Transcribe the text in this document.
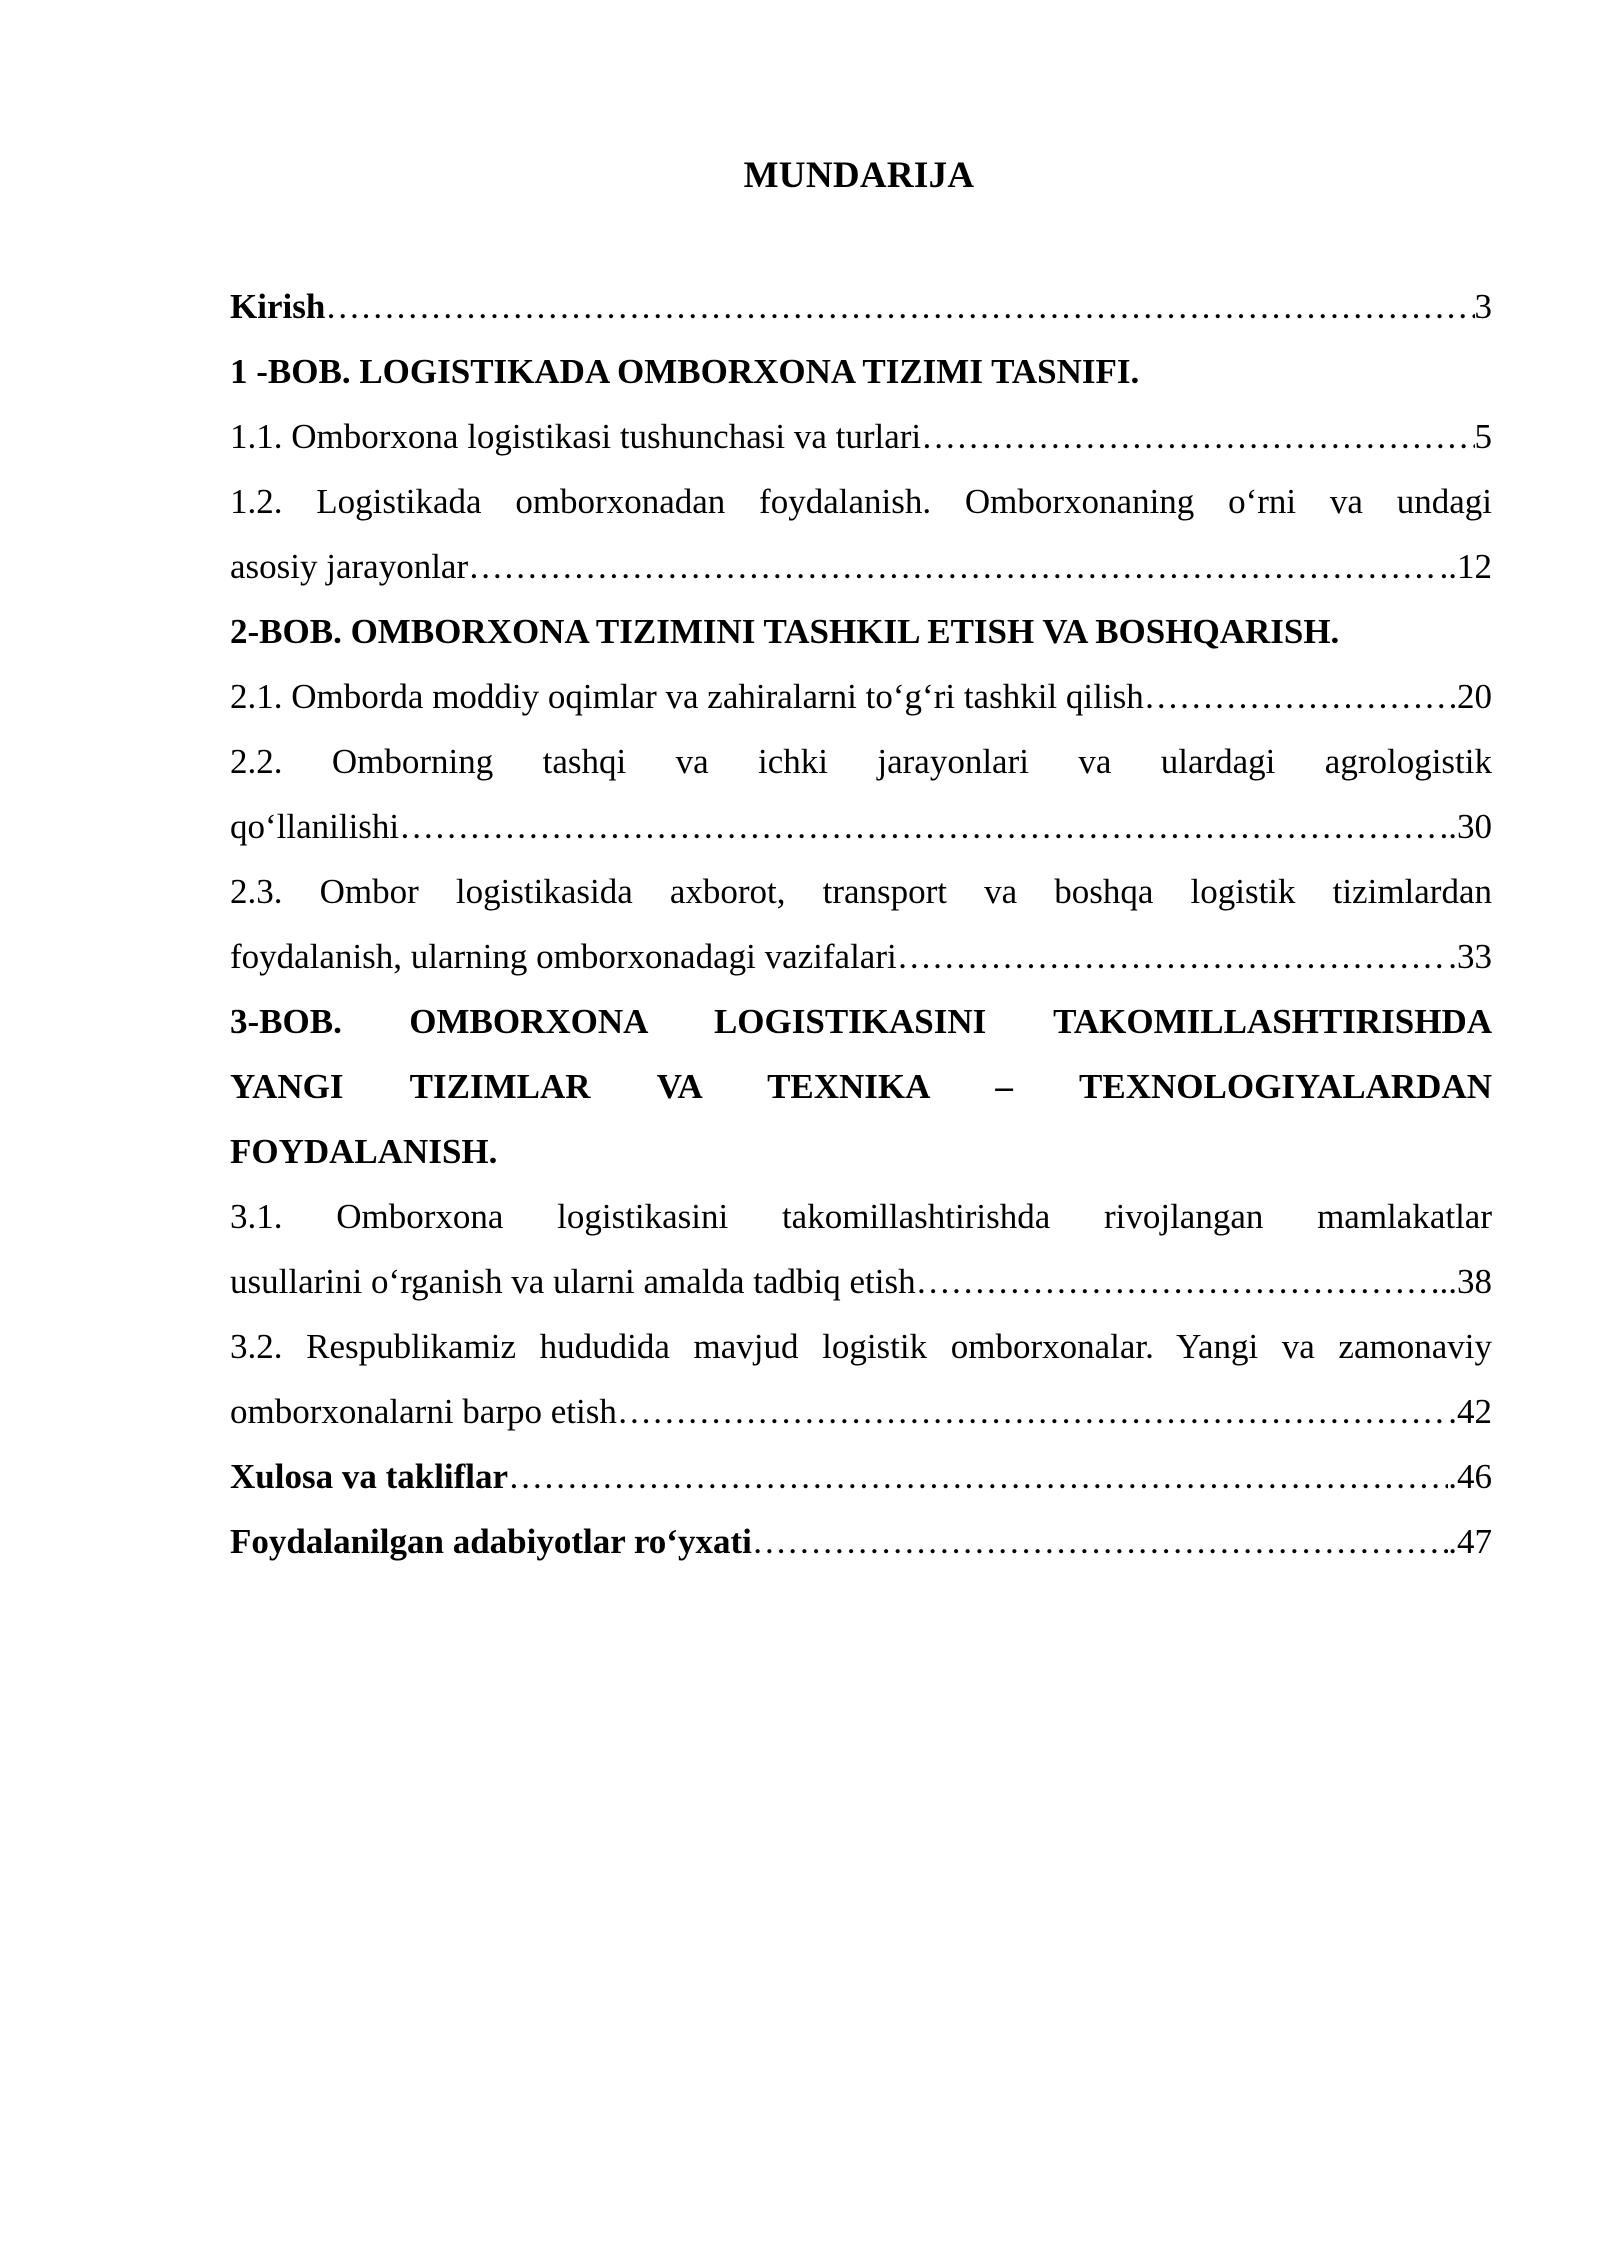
MUNDARIJA
Kirish …………………………………………………………………………………………………………………………………………………………………………………………………………………	3
1 -BOB. LOGISTIKADA OMBORXONA TIZIMI TASNIFI.
1.1. Omborxona logistikasi tushunchasi va turlari …………………………………………………………………………………………………………………………………………………………………………………………………………………	5
1.2. Logistikada omborxonadan foydalanish. Omborxonaning o‘rni va undagi
asosiy jarayonlar …………………………………………………………………………………………………………………………………………………………………………………………………………………	..12
2-BOB. OMBORXONA TIZIMINI TASHKIL ETISH VA BOSHQARISH.
2.1. Omborda moddiy oqimlar va zahiralarni to‘g‘ri tashkil qilish …………………………………………………………………………………………………………………………………………………………………………………………………………………	20
2.2. Omborning tashqi va ichki jarayonlari va ulardagi agrologistik
qo‘llanilishi …………………………………………………………………………………………………………………………………………………………………………………………………………………	..30
2.3. Ombor logistikasida axborot, transport va boshqa logistik tizimlardan
foydalanish, ularning omborxonadagi vazifalari …………………………………………………………………………………………………………………………………………………………………………………………………………………	.33
3-BOB. OMBORXONA LOGISTIKASINI TAKOMILLASHTIRISHDA
YANGI TIZIMLAR VA TEXNIKA – TEXNOLOGIYALARDAN
FOYDALANISH.
3.1. Omborxona logistikasini takomillashtirishda rivojlangan mamlakatlar
usullarini o‘rganish va ularni amalda tadbiq etish …………………………………………………………………………………………………………………………………………………………………………………………………………………	...38
3.2. Respublikamiz hududida mavjud logistik omborxonalar. Yangi va zamonaviy
omborxonalarni barpo etish …………………………………………………………………………………………………………………………………………………………………………………………………………………	.42
Xulosa va takliflar …………………………………………………………………………………………………………………………………………………………………………………………………………………	.46
Foydalanilgan adabiyotlar ro‘yxati …………………………………………………………………………………………………………………………………………………………………………………………………………………	.47
